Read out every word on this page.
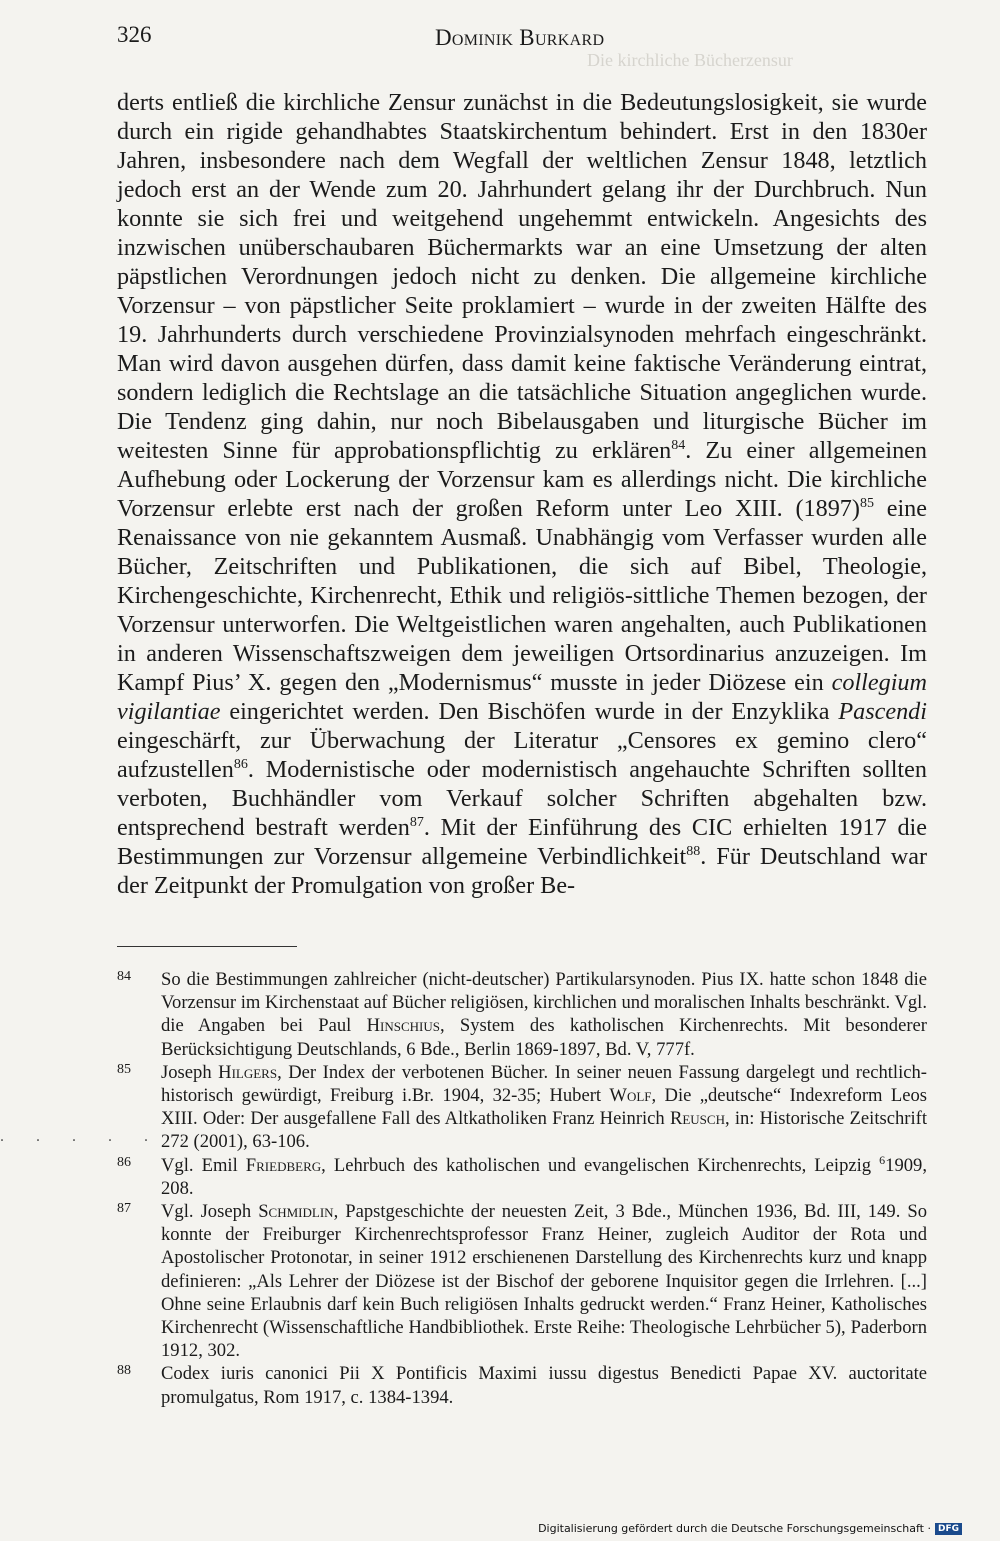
326	Dominik Burkard
Die kirchliche Bücherzensur

derts entließ die kirchliche Zensur zunächst in die Bedeutungslosigkeit, sie wurde durch ein rigide gehandhabtes Staatskirchentum behindert. Erst in den 1830er Jahren, insbesondere nach dem Wegfall der weltlichen Zensur 1848, letztlich jedoch erst an der Wende zum 20. Jahrhundert gelang ihr der Durchbruch. Nun konnte sie sich frei und weitgehend ungehemmt entwickeln. Angesichts des inzwischen unüberschaubaren Büchermarkts war an eine Umsetzung der alten päpstlichen Verordnungen jedoch nicht zu denken. Die allgemeine kirchliche Vorzensur – von päpstlicher Seite proklamiert – wurde in der zweiten Hälfte des 19. Jahrhunderts durch verschiedene Provinzialsynoden mehrfach eingeschränkt. Man wird davon ausgehen dürfen, dass damit keine faktische Veränderung eintrat, sondern lediglich die Rechtslage an die tatsächliche Situation angeglichen wurde. Die Tendenz ging dahin, nur noch Bibelausgaben und liturgische Bücher im weitesten Sinne für approbationspflichtig zu erklären$^{84}$. Zu einer allgemeinen Aufhebung oder Lockerung der Vorzensur kam es allerdings nicht. Die kirchliche Vorzensur erlebte erst nach der großen Reform unter Leo XIII. $(1897)^{85}$ eine Renaissance von nie gekanntem Ausmaß. Unabhängig vom Verfasser wurden alle Bücher, Zeitschriften und Publikationen, die sich auf Bibel, Theologie, Kirchengeschichte, Kirchenrecht, Ethik und religiös-sittliche Themen bezogen, der Vorzensur unterworfen. Die Weltgeistlichen waren angehalten, auch Publikationen in anderen Wissenschaftszweigen dem jeweiligen Ortsordinarius anzuzeigen. Im Kampf Pius’ X. gegen den „Modernismus“ musste in jeder Diözese ein collegium vigilantiae eingerichtet werden. Den Bischöfen wurde in der Enzyklika Pascendi eingeschärft, zur Überwachung der Literatur „Censores ex gemino clero“ aufzustellen$^{86}$. Modernistische oder modernistisch angehauchte Schriften sollten verboten, Buchhändler vom Verkauf solcher Schriften abgehalten bzw. entsprechend bestraft werden$^{87}$. Mit der Einführung des CIC erhielten 1917 die Bestimmungen zur Vorzensur allgemeine Verbindlichkeit$^{88}$. Für Deutschland war der Zeitpunkt der Promulgation von großer Be-

84 So die Bestimmungen zahlreicher (nicht-deutscher) Partikularsynoden. Pius IX. hatte schon 1848 die Vorzensur im Kirchenstaat auf Bücher religiösen, kirchlichen und moralischen Inhalts beschränkt. Vgl. die Angaben bei Paul Hinschius, System des katholischen Kirchenrechts. Mit besonderer Berücksichtigung Deutschlands, 6 Bde., Berlin 1869-1897, Bd. V, 777f.

85 Joseph Hilgers, Der Index der verbotenen Bücher. In seiner neuen Fassung dargelegt und rechtlich-historisch gewürdigt, Freiburg i.Br. 1904, 32-35; Hubert Wolf, Die „deutsche“ Indexreform Leos XIII. Oder: Der ausgefallene Fall des Altkatholiken Franz Heinrich Reusch, in: Historische Zeitschrift 272 (2001), 63-106.

86 Vgl. Emil Friedberg, Lehrbuch des katholischen und evangelischen Kirchenrechts, Leipzig $^6$1909, 208.

87 Vgl. Joseph Schmidlin, Papstgeschichte der neuesten Zeit, 3 Bde., München 1936, Bd. III, 149. So konnte der Freiburger Kirchenrechtsprofessor Franz Heiner, zugleich Auditor der Rota und Apostolischer Protonotar, in seiner 1912 erschienenen Darstellung des Kirchenrechts kurz und knapp definieren: „Als Lehrer der Diözese ist der Bischof der geborene Inquisitor gegen die Irrlehren. [...] Ohne seine Erlaubnis darf kein Buch religiösen Inhalts gedruckt werden.“ Franz Heiner, Katholisches Kirchenrecht (Wissenschaftliche Handbibliothek. Erste Reihe: Theologische Lehrbücher 5), Paderborn 1912, 302.

88 Codex iuris canonici Pii X Pontificis Maximi iussu digestus Benedicti Papae XV. auctoritate promulgatus, Rom 1917, c. 1384-1394.

. . . . . .
Digitalisierung gefördert durch die Deutsche Forschungsgemeinschaft · DFG
